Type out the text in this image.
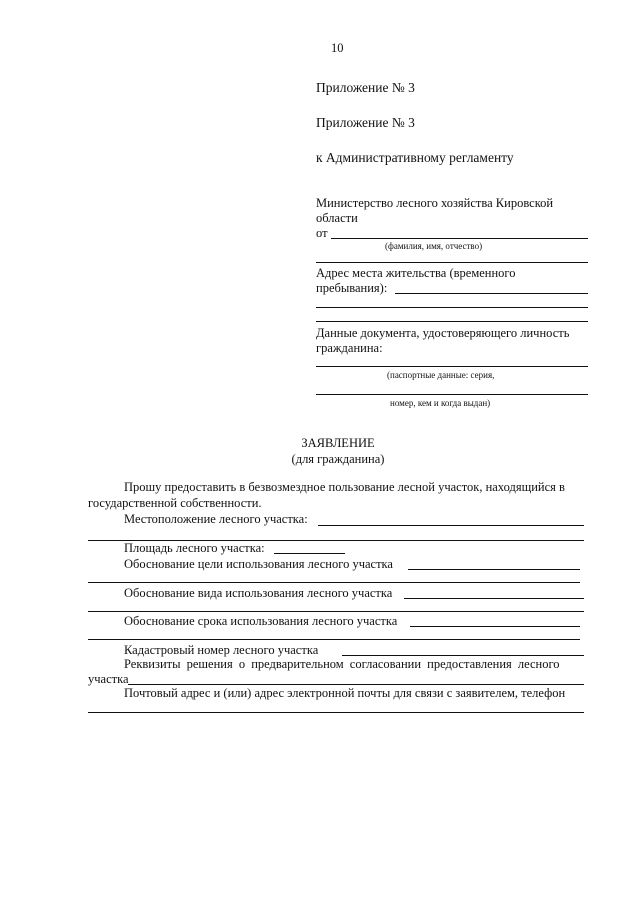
10
Приложение № 3
Приложение № 3
к Административному регламенту
Министерство лесного хозяйства Кировской
области
от
(фамилия, имя, отчество)
Адрес места жительства (временного
пребывания):
Данные документа, удостоверяющего личность
гражданина:
(паспортные данные: серия,
номер, кем и когда выдан)
ЗАЯВЛЕНИЕ
(для гражданина)
Прошу предоставить в безвозмездное пользование лесной участок, находящийся в
государственной собственности.
Местоположение лесного участка:
Площадь лесного участка:
Обоснование цели использования лесного участка
Обоснование вида использования лесного участка
Обоснование срока использования лесного участка
Кадастровый номер лесного участка
Реквизиты решения о предварительном согласовании предоставления лесного
участка
Почтовый адрес и (или) адрес электронной почты для связи с заявителем, телефон
